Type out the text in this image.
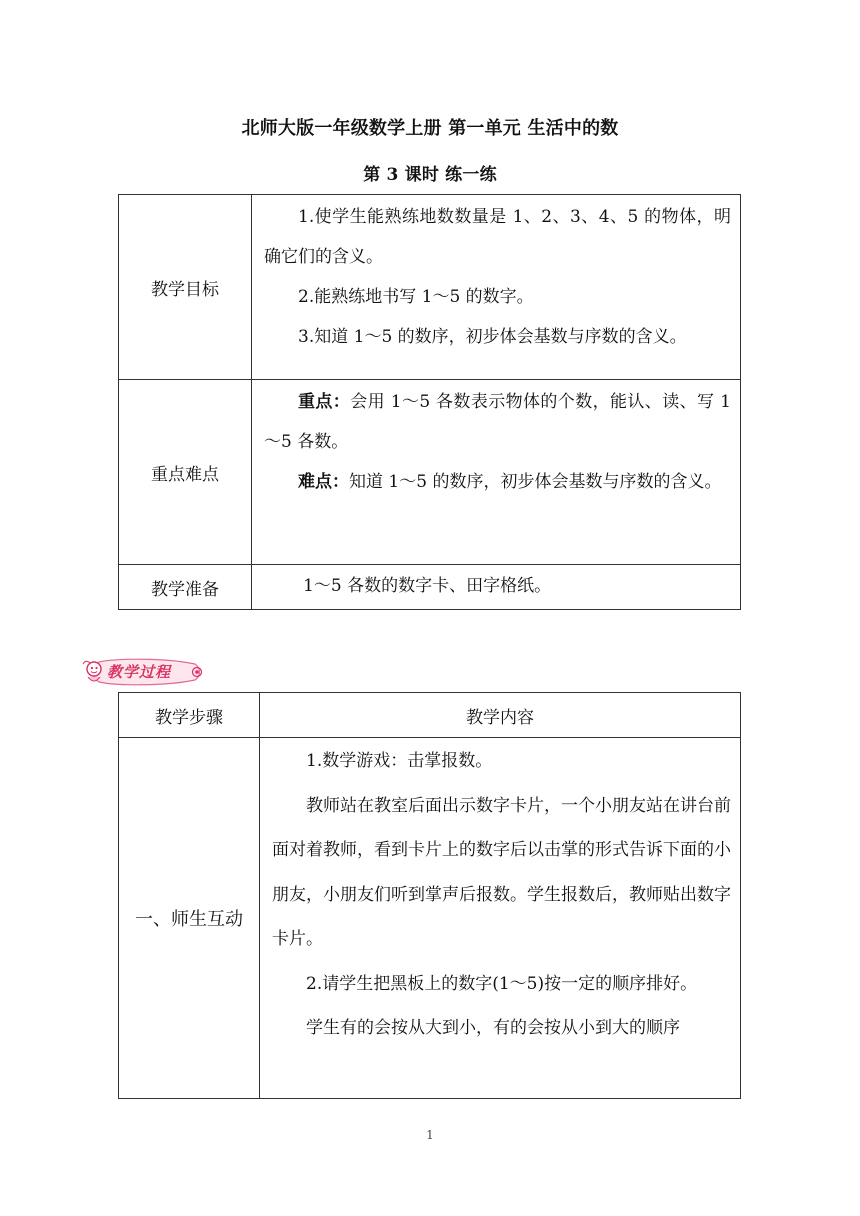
北师大版一年级数学上册 第一单元 生活中的数
第 3 课时 练一练
教学目标	1.使学生能熟练地数数量是 1、2、3、4、5 的物体，明确它们的含义。

2.能熟练地书写 1～5 的数字。

3.知道 1～5 的数序，初步体会基数与序数的含义。

重点难点	重点：会用 1～5 各数表示物体的个数，能认、读、写 1～5 各数。

难点：知道 1～5 的数序，初步体会基数与序数的含义。

教学准备	1～5 各数的数字卡、田字格纸。

教学过程
教学步骤	教学内容
一、师生互动	1.数学游戏：击掌报数。

教师站在教室后面出示数字卡片，一个小朋友站在讲台前面对着教师，看到卡片上的数字后以击掌的形式告诉下面的小朋友，小朋友们听到掌声后报数。学生报数后，教师贴出数字卡片。

2.请学生把黑板上的数字(1～5)按一定的顺序排好。

学生有的会按从大到小，有的会按从小到大的顺序

1
